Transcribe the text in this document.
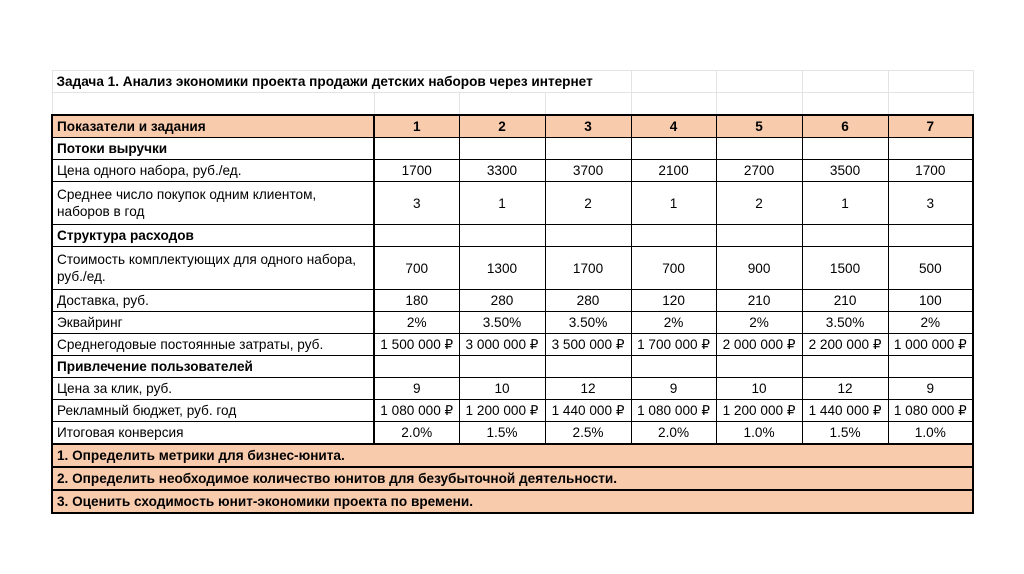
Задача 1. Анализ экономики проекта продажи детских наборов через интернет							

Показатели и задания	1	2	3	4	5	6	7
Потоки выручки							
Цена одного набора, руб./ед.	1700	3300	3700	2100	2700	3500	1700
Среднее число покупок одним клиентом, наборов в год	3	1	2	1	2	1	3
Структура расходов							
Стоимость комплектующих для одного набора, руб./ед.	700	1300	1700	700	900	1500	500
Доставка, руб.	180	280	280	120	210	210	100
Эквайринг	2%	3.50%	3.50%	2%	2%	3.50%	2%
Среднегодовые постоянные затраты, руб.	1 500 000 ₽	3 000 000 ₽	3 500 000 ₽	1 700 000 ₽	2 000 000 ₽	2 200 000 ₽	1 000 000 ₽
Привлечение пользователей							
Цена за клик, руб.	9	10	12	9	10	12	9
Рекламный бюджет, руб. год	1 080 000 ₽	1 200 000 ₽	1 440 000 ₽	1 080 000 ₽	1 200 000 ₽	1 440 000 ₽	1 080 000 ₽
Итоговая конверсия	2.0%	1.5%	2.5%	2.0%	1.0%	1.5%	1.0%
1. Определить метрики для бизнес-юнита.							
2. Определить необходимое количество юнитов для безубыточной деятельности.							
3. Оценить сходимость юнит-экономики проекта по времени.							
